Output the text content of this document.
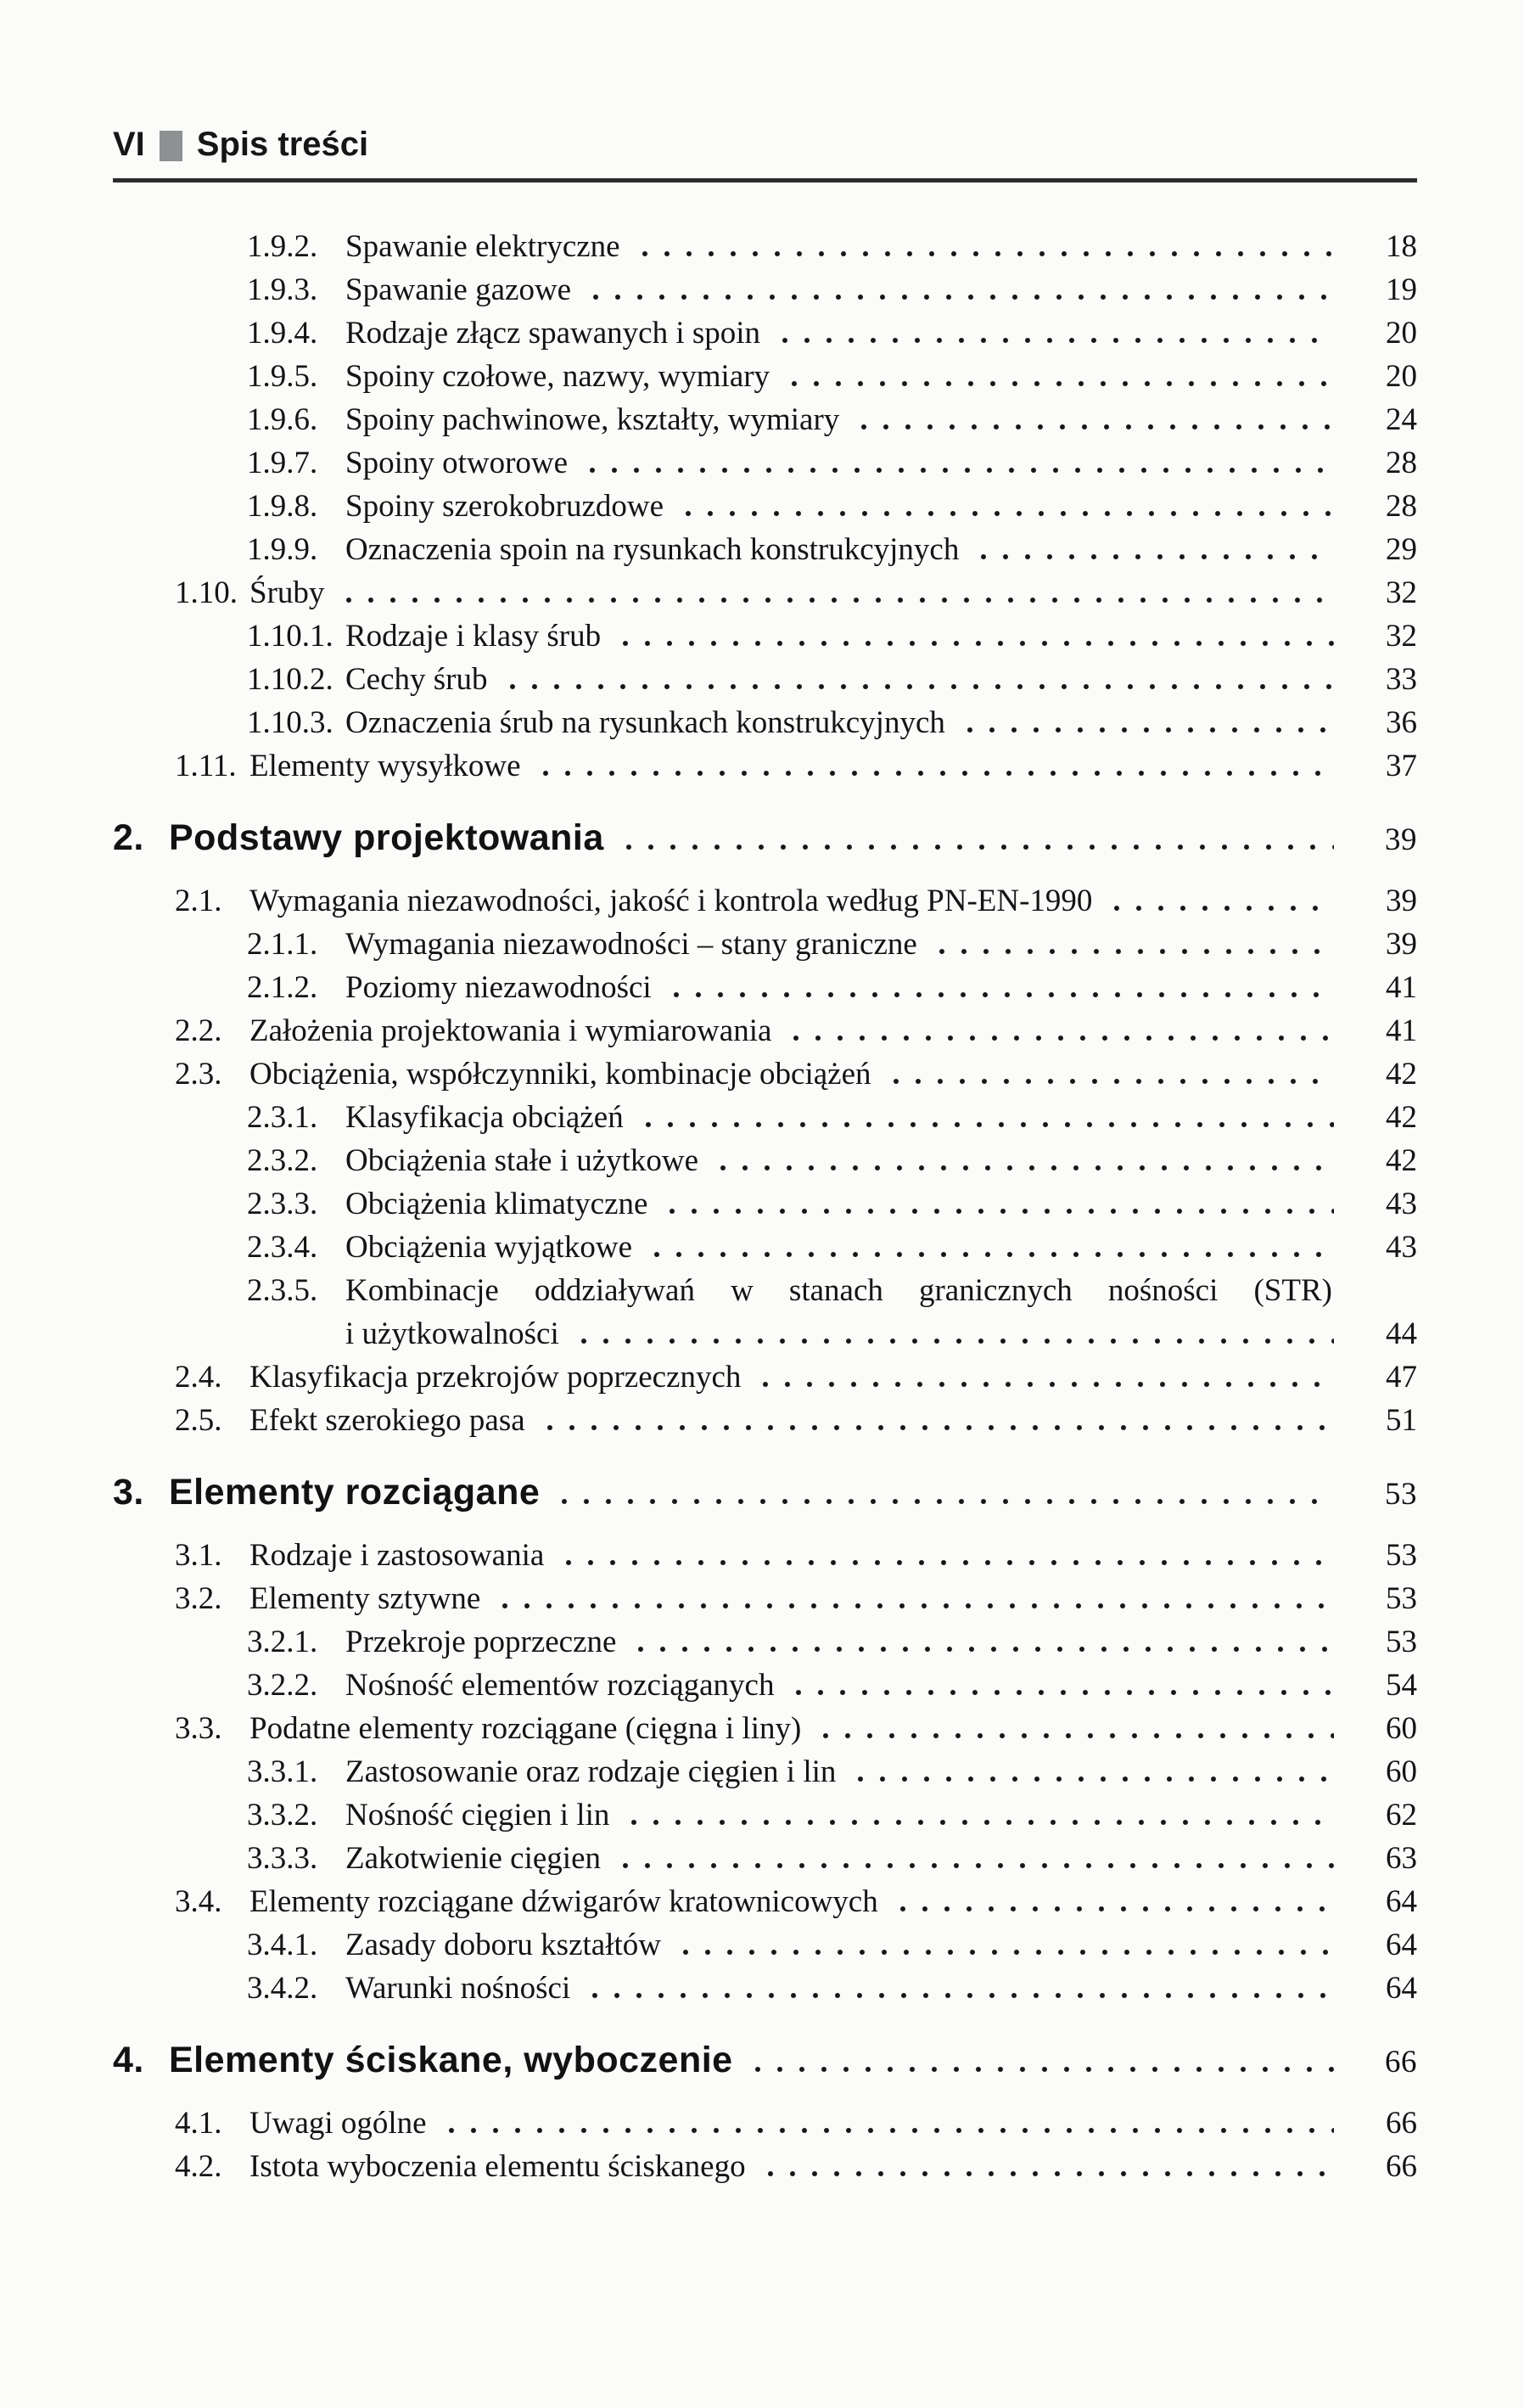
VI Spis treści
1.9.2. Spawanie elektryczne	18
1.9.3. Spawanie gazowe	19
1.9.4. Rodzaje złącz spawanych i spoin	20
1.9.5. Spoiny czołowe, nazwy, wymiary	20
1.9.6. Spoiny pachwinowe, kształty, wymiary	24
1.9.7. Spoiny otworowe	28
1.9.8. Spoiny szerokobruzdowe	28
1.9.9. Oznaczenia spoin na rysunkach konstrukcyjnych	29
1.10. Śruby	32
1.10.1. Rodzaje i klasy śrub	32
1.10.2. Cechy śrub	33
1.10.3. Oznaczenia śrub na rysunkach konstrukcyjnych	36
1.11. Elementy wysyłkowe	37
2. Podstawy projektowania	39
2.1. Wymagania niezawodności, jakość i kontrola według PN-EN-1990	39
2.1.1. Wymagania niezawodności – stany graniczne	39
2.1.2. Poziomy niezawodności	41
2.2. Założenia projektowania i wymiarowania	41
2.3. Obciążenia, współczynniki, kombinacje obciążeń	42
2.3.1. Klasyfikacja obciążeń	42
2.3.2. Obciążenia stałe i użytkowe	42
2.3.3. Obciążenia klimatyczne	43
2.3.4. Obciążenia wyjątkowe	43
2.3.5. Kombinacje oddziaływań w stanach granicznych nośności (STR)
i użytkowalności	44
2.4. Klasyfikacja przekrojów poprzecznych	47
2.5. Efekt szerokiego pasa	51
3. Elementy rozciągane	53
3.1. Rodzaje i zastosowania	53
3.2. Elementy sztywne	53
3.2.1. Przekroje poprzeczne	53
3.2.2. Nośność elementów rozciąganych	54
3.3. Podatne elementy rozciągane (cięgna i liny)	60
3.3.1. Zastosowanie oraz rodzaje cięgien i lin	60
3.3.2. Nośność cięgien i lin	62
3.3.3. Zakotwienie cięgien	63
3.4. Elementy rozciągane dźwigarów kratownicowych	64
3.4.1. Zasady doboru kształtów	64
3.4.2. Warunki nośności	64
4. Elementy ściskane, wyboczenie	66
4.1. Uwagi ogólne	66
4.2. Istota wyboczenia elementu ściskanego	66
